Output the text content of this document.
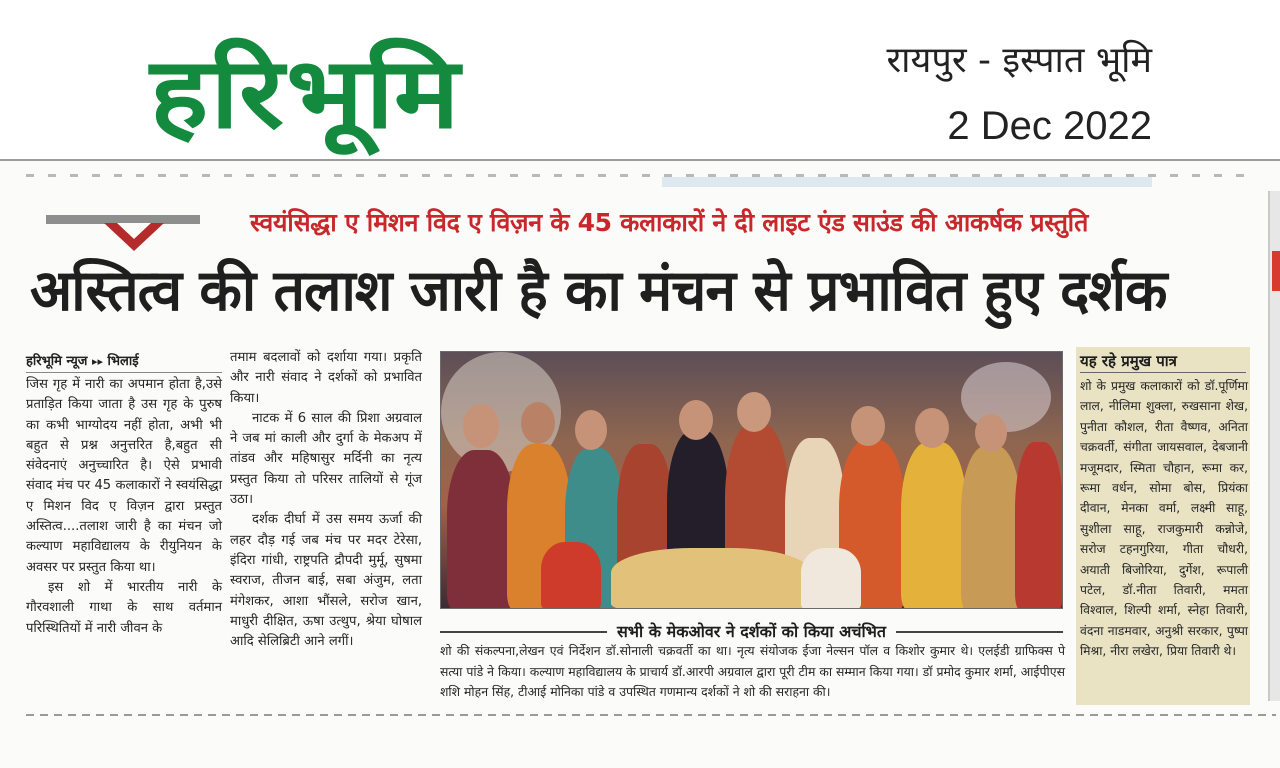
हरिभूमि	रायपुर - इस्पात भूमि
2 Dec 2022
स्वयंसिद्धा ए मिशन विद ए विज़न के 45 कलाकारों ने दी लाइट एंड साउंड की आकर्षक प्रस्तुति
अस्तित्व की तलाश जारी है का मंचन से प्रभावित हुए दर्शक
हरिभूमि न्यूज ▸▸ भिलाई

जिस गृह में नारी का अपमान होता है,उसे प्रताड़ित किया जाता है उस गृह के पुरुष का कभी भाग्योदय नहीं होता, अभी भी बहुत से प्रश्न अनुत्तरित है,बहुत सी संवेदनाएं अनुच्चारित है। ऐसे प्रभावी संवाद मंच पर 45 कलाकारों ने स्वयंसिद्धा ए मिशन विद ए विज़न द्वारा प्रस्तुत अस्तित्व....तलाश जारी है का मंचन जो कल्याण महाविद्यालय के रीयुनियन के अवसर पर प्रस्तुत किया था।

इस शो में भारतीय नारी के गौरवशाली गाथा के साथ वर्तमान परिस्थितियों में नारी जीवन के

तमाम बदलावों को दर्शाया गया। प्रकृति और नारी संवाद ने दर्शकों को प्रभावित किया।

नाटक में 6 साल की प्रिशा अग्रवाल ने जब मां काली और दुर्गा के मेकअप में तांडव और महिषासुर मर्दिनी का नृत्य प्रस्तुत किया तो परिसर तालियों से गूंज उठा।

दर्शक दीर्घा में उस समय ऊर्जा की लहर दौड़ गई जब मंच पर मदर टेरेसा, इंदिरा गांधी, राष्ट्रपति द्रौपदी मुर्मू, सुषमा स्वराज, तीजन बाई, सबा अंजुम, लता मंगेशकर, आशा भौंसले, सरोज खान, माधुरी दीक्षित, ऊषा उत्थुप, श्रेया घोषाल आदि सेलिब्रिटी आने लगीं।

सभी के मेकओवर ने दर्शकों को किया अचंभित
शो की संकल्पना,लेखन एवं निर्देशन डॉ.सोनाली चक्रवर्ती का था। नृत्य संयोजक ईजा नेल्सन पॉल व किशोर कुमार थे। एलईडी ग्राफिक्स पे सत्या पांडे ने किया। कल्याण महाविद्यालय के प्राचार्य डॉ.आरपी अग्रवाल द्वारा पूरी टीम का सम्मान किया गया। डॉ प्रमोद कुमार शर्मा, आईपीएस शशि मोहन सिंह, टीआई मोनिका पांडे व उपस्थित गणमान्य दर्शकों ने शो की सराहना की।
यह रहे प्रमुख पात्र
शो के प्रमुख कलाकारों को डॉ.पूर्णिमा लाल, नीलिमा शुक्ला, रुखसाना शेख, पुनीता कौशल, रीता वैष्णव, अनिता चक्रवर्ती, संगीता जायसवाल, देबजानी मजूमदार, स्मिता चौहान, रूमा कर, रूमा वर्धन, सोमा बोस, प्रियंका दीवान, मेनका वर्मा, लक्ष्मी साहू, सुशीला साहू, राजकुमारी कन्नोजे, सरोज टहनगुरिया, गीता चौधरी, अयाती बिजोरिया, दुर्गेश, रूपाली पटेल, डॉ.नीता तिवारी, ममता विश्वाल, शिल्पी शर्मा, स्नेहा तिवारी, वंदना नाडमवार, अनुश्री सरकार, पुष्पा मिश्रा, नीरा लखेरा, प्रिया तिवारी थे।
